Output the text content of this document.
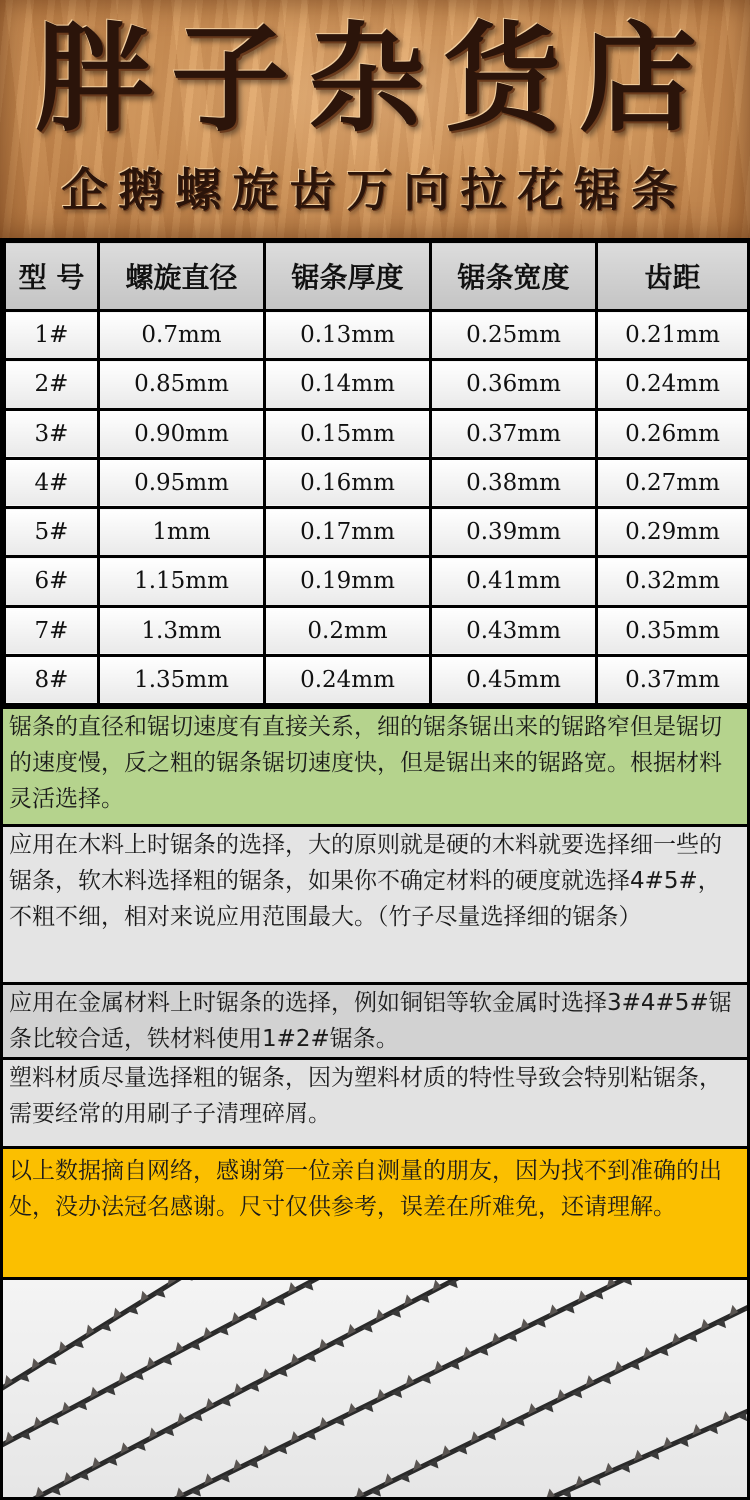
胖子杂货店
企鹅螺旋齿万向拉花锯条
型 号	螺旋直径	锯条厚度	锯条宽度	齿距
1#	0.7mm	0.13mm	0.25mm	0.21mm
2#	0.85mm	0.14mm	0.36mm	0.24mm
3#	0.90mm	0.15mm	0.37mm	0.26mm
4#	0.95mm	0.16mm	0.38mm	0.27mm
5#	1mm	0.17mm	0.39mm	0.29mm
6#	1.15mm	0.19mm	0.41mm	0.32mm
7#	1.3mm	0.2mm	0.43mm	0.35mm
8#	1.35mm	0.24mm	0.45mm	0.37mm
锯条的直径和锯切速度有直接关系，细的锯条锯出来的锯路窄但是锯切的速度慢，反之粗的锯条锯切速度快，但是锯出来的锯路宽。根据材料灵活选择。
应用在木料上时锯条的选择，大的原则就是硬的木料就要选择细一些的锯条，软木料选择粗的锯条，如果你不确定材料的硬度就选择4#5#，不粗不细，相对来说应用范围最大。（竹子尽量选择细的锯条）
应用在金属材料上时锯条的选择，例如铜铝等软金属时选择3#4#5#锯条比较合适，铁材料使用1#2#锯条。
塑料材质尽量选择粗的锯条，因为塑料材质的特性导致会特别粘锯条，需要经常的用刷子子清理碎屑。
以上数据摘自网络，感谢第一位亲自测量的朋友，因为找不到准确的出处，没办法冠名感谢。尺寸仅供参考，误差在所难免，还请理解。
